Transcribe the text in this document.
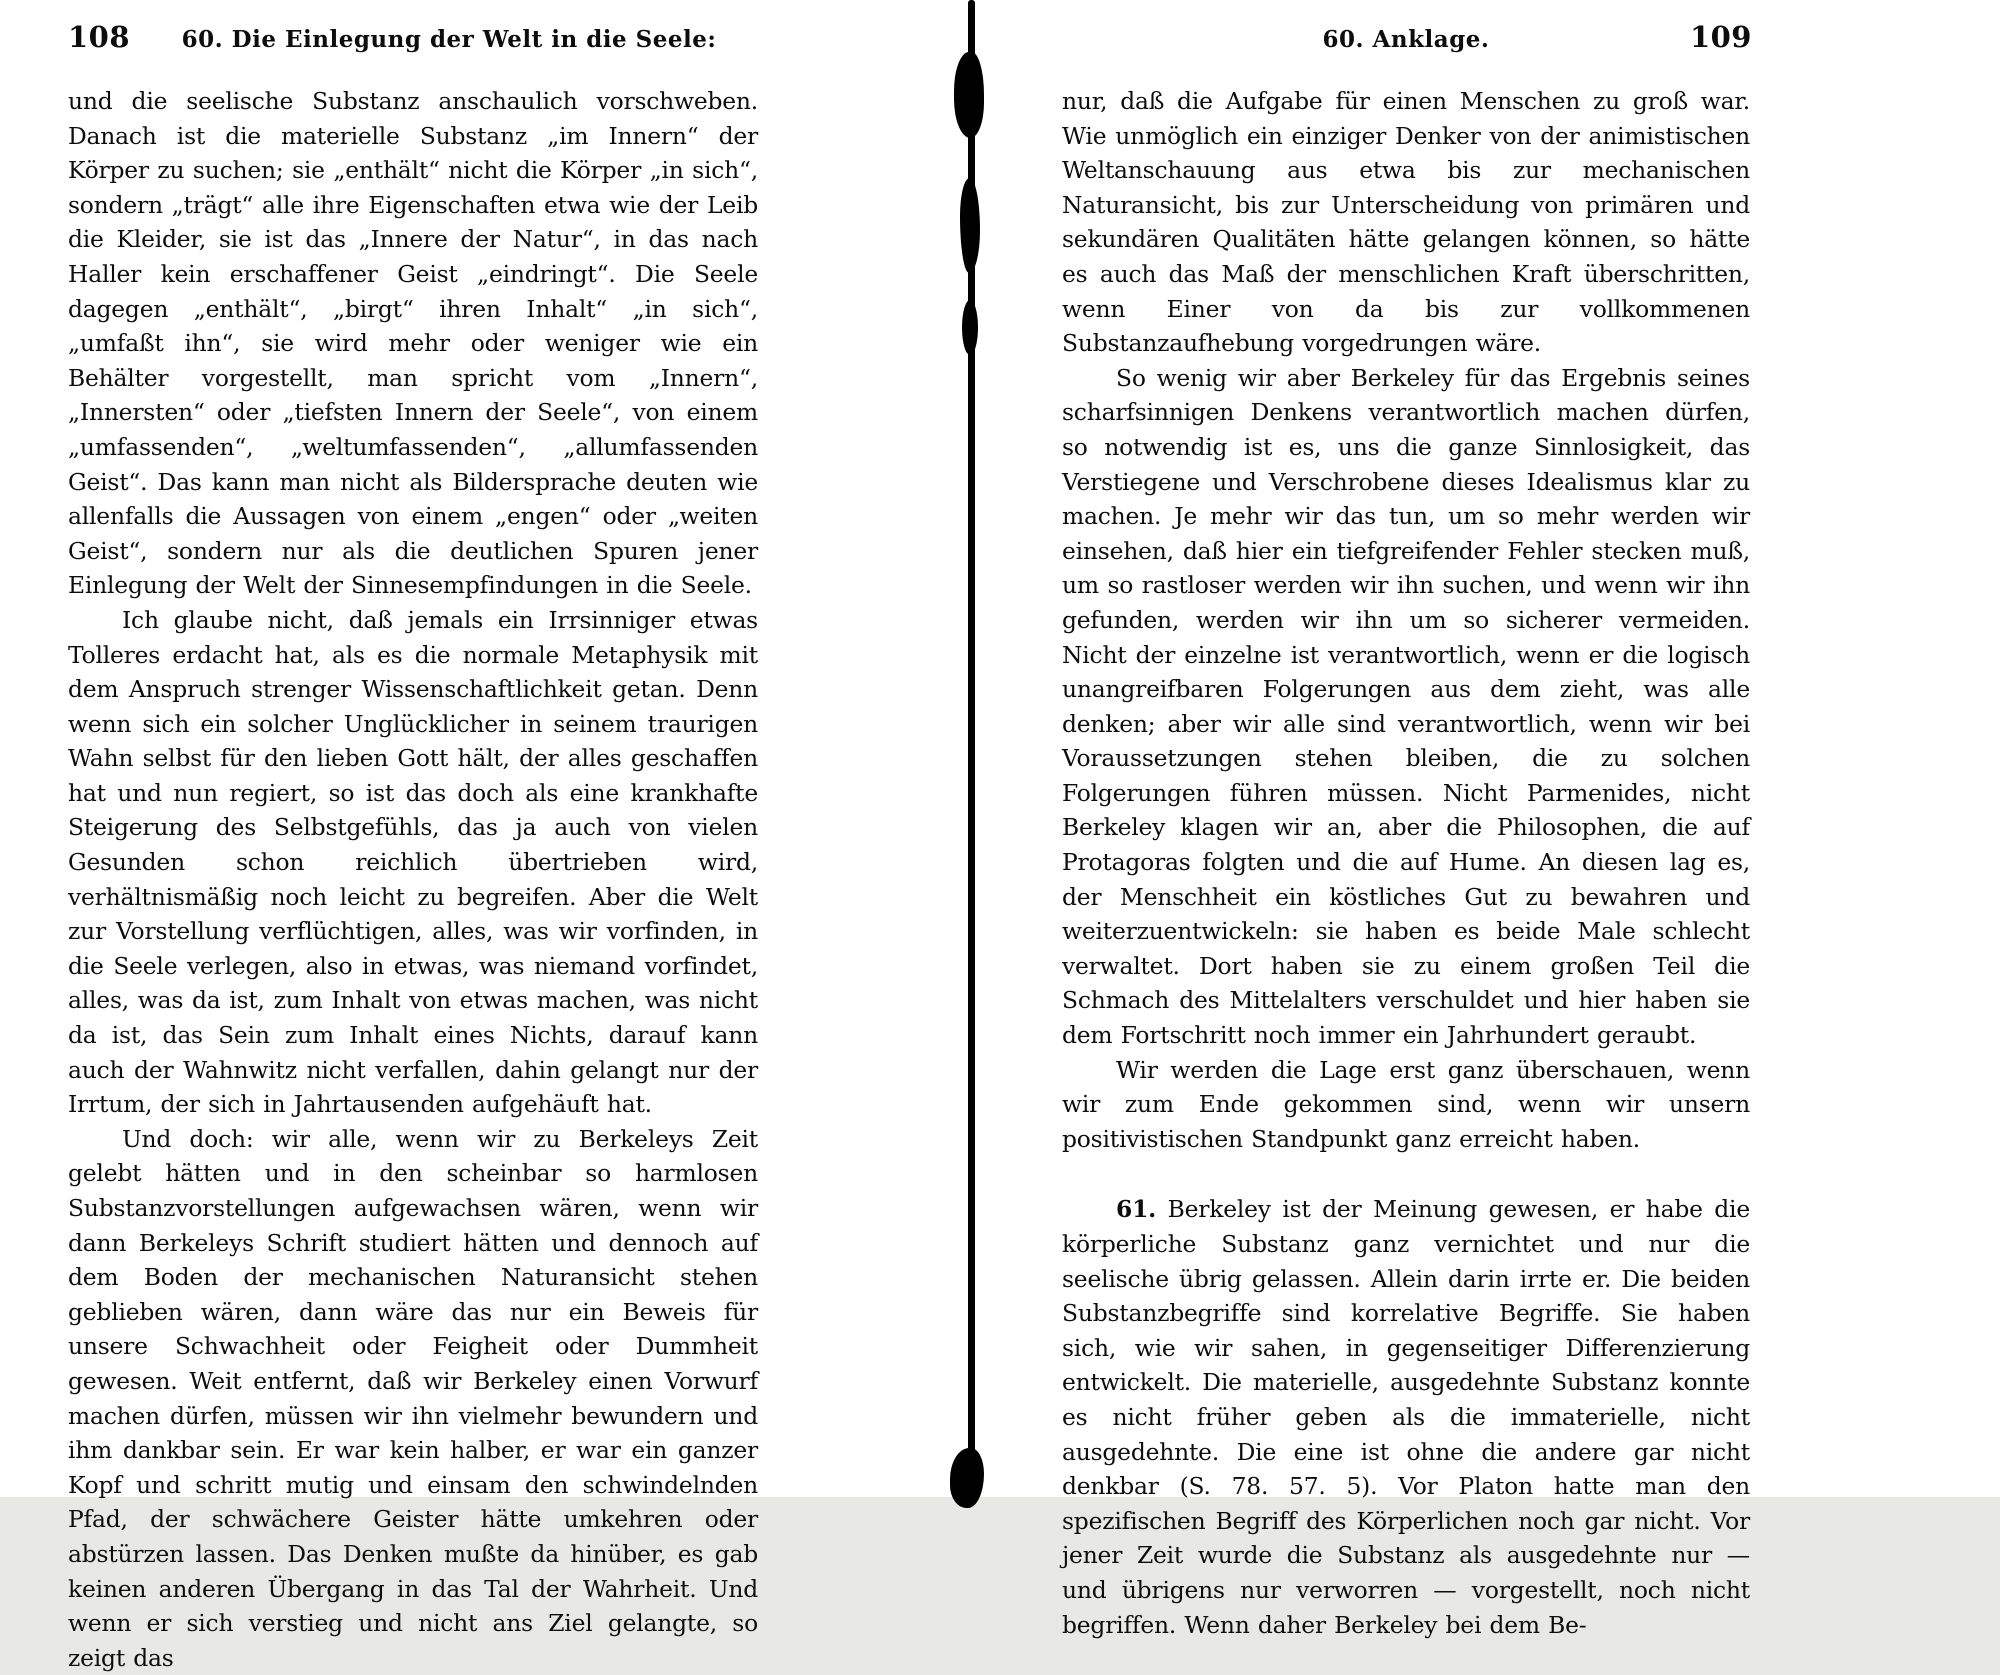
108	60. Die Einlegung der Welt in die Seele:

und die seelische Substanz anschaulich vorschweben. Danach ist die materielle Substanz „im Innern“ der Körper zu suchen; sie „enthält“ nicht die Körper „in sich“, sondern „trägt“ alle ihre Eigenschaften etwa wie der Leib die Kleider, sie ist das „Innere der Natur“, in das nach Haller kein erschaffener Geist „eindringt“. Die Seele dagegen „enthält“, „birgt“ ihren Inhalt“ „in sich“, „umfaßt ihn“, sie wird mehr oder weniger wie ein Behälter vorgestellt, man spricht vom „Innern“, „Innersten“ oder „tiefsten Innern der Seele“, von einem „umfassenden“, „weltumfassenden“, „allumfassenden Geist“. Das kann man nicht als Bildersprache deuten wie allenfalls die Aussagen von einem „engen“ oder „weiten Geist“, sondern nur als die deutlichen Spuren jener Einlegung der Welt der Sinnesempfindungen in die Seele.

Ich glaube nicht, daß jemals ein Irrsinniger etwas Tolleres erdacht hat, als es die normale Metaphysik mit dem Anspruch strenger Wissenschaftlichkeit getan. Denn wenn sich ein solcher Unglücklicher in seinem traurigen Wahn selbst für den lieben Gott hält, der alles geschaffen hat und nun regiert, so ist das doch als eine krankhafte Steigerung des Selbstgefühls, das ja auch von vielen Gesunden schon reichlich übertrieben wird, verhältnismäßig noch leicht zu begreifen. Aber die Welt zur Vorstellung verflüchtigen, alles, was wir vorfinden, in die Seele verlegen, also in etwas, was niemand vorfindet, alles, was da ist, zum Inhalt von etwas machen, was nicht da ist, das Sein zum Inhalt eines Nichts, darauf kann auch der Wahnwitz nicht verfallen, dahin gelangt nur der Irrtum, der sich in Jahrtausenden aufgehäuft hat.

Und doch: wir alle, wenn wir zu Berkeleys Zeit gelebt hätten und in den scheinbar so harmlosen Substanzvorstellungen aufgewachsen wären, wenn wir dann Berkeleys Schrift studiert hätten und dennoch auf dem Boden der mechanischen Naturansicht stehen geblieben wären, dann wäre das nur ein Beweis für unsere Schwachheit oder Feigheit oder Dummheit gewesen. Weit entfernt, daß wir Berkeley einen Vorwurf machen dürfen, müssen wir ihn vielmehr bewundern und ihm dankbar sein. Er war kein halber, er war ein ganzer Kopf und schritt mutig und einsam den schwindelnden Pfad, der schwächere Geister hätte umkehren oder abstürzen lassen. Das Denken mußte da hinüber, es gab keinen anderen Übergang in das Tal der Wahrheit. Und wenn er sich verstieg und nicht ans Ziel gelangte, so zeigt das

60. Anklage.	109

nur, daß die Aufgabe für einen Menschen zu groß war. Wie unmöglich ein einziger Denker von der animistischen Weltanschauung aus etwa bis zur mechanischen Naturansicht, bis zur Unterscheidung von primären und sekundären Qualitäten hätte gelangen können, so hätte es auch das Maß der menschlichen Kraft überschritten, wenn Einer von da bis zur vollkommenen Substanzaufhebung vorgedrungen wäre.

So wenig wir aber Berkeley für das Ergebnis seines scharfsinnigen Denkens verantwortlich machen dürfen, so notwendig ist es, uns die ganze Sinnlosigkeit, das Verstiegene und Verschrobene dieses Idealismus klar zu machen. Je mehr wir das tun, um so mehr werden wir einsehen, daß hier ein tiefgreifender Fehler stecken muß, um so rastloser werden wir ihn suchen, und wenn wir ihn gefunden, werden wir ihn um so sicherer vermeiden. Nicht der einzelne ist verantwortlich, wenn er die logisch unangreifbaren Folgerungen aus dem zieht, was alle denken; aber wir alle sind verantwortlich, wenn wir bei Voraussetzungen stehen bleiben, die zu solchen Folgerungen führen müssen. Nicht Parmenides, nicht Berkeley klagen wir an, aber die Philosophen, die auf Protagoras folgten und die auf Hume. An diesen lag es, der Menschheit ein köstliches Gut zu bewahren und weiterzuentwickeln: sie haben es beide Male schlecht verwaltet. Dort haben sie zu einem großen Teil die Schmach des Mittelalters verschuldet und hier haben sie dem Fortschritt noch immer ein Jahrhundert geraubt.

Wir werden die Lage erst ganz überschauen, wenn wir zum Ende gekommen sind, wenn wir unsern positivistischen Standpunkt ganz erreicht haben.

61. Berkeley ist der Meinung gewesen, er habe die körperliche Substanz ganz vernichtet und nur die seelische übrig gelassen. Allein darin irrte er. Die beiden Substanzbegriffe sind korrelative Begriffe. Sie haben sich, wie wir sahen, in gegenseitiger Differenzierung entwickelt. Die materielle, ausgedehnte Substanz konnte es nicht früher geben als die immaterielle, nicht ausgedehnte. Die eine ist ohne die andere gar nicht denkbar (S. 78. 57. 5). Vor Platon hatte man den spezifischen Begriff des Körperlichen noch gar nicht. Vor jener Zeit wurde die Substanz als ausgedehnte nur — und übrigens nur verworren — vorgestellt, noch nicht begriffen. Wenn daher Berkeley bei dem Be-
